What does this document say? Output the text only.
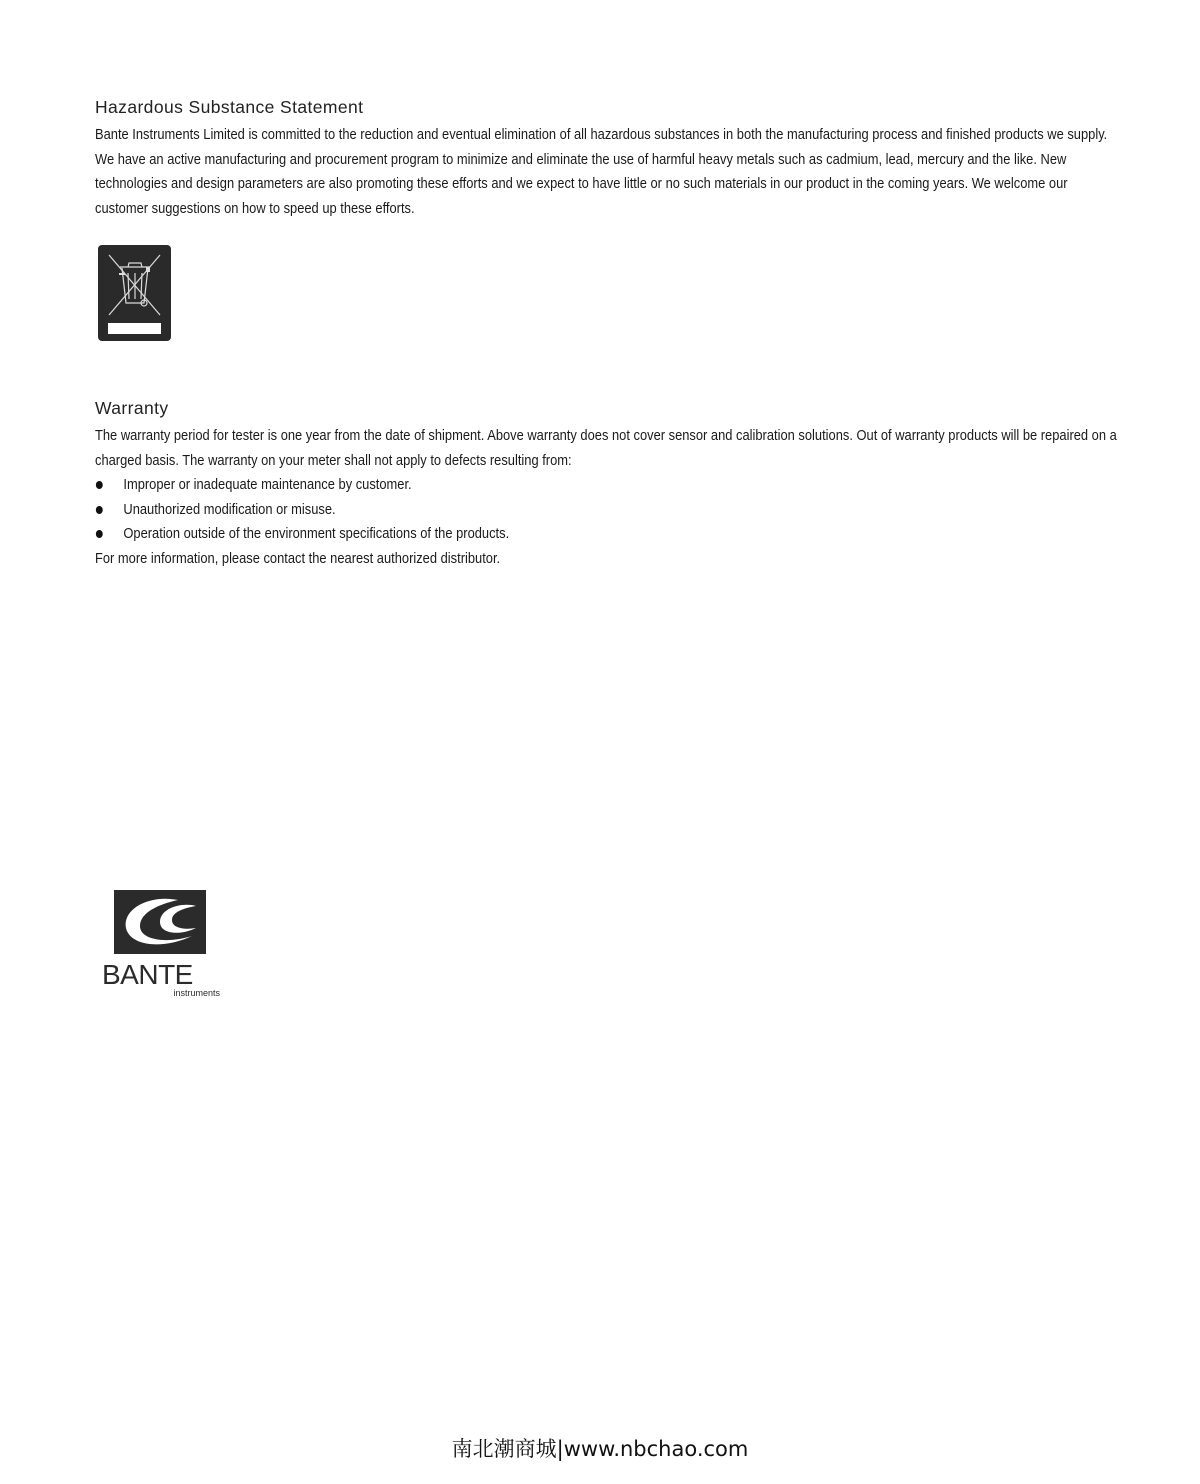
Hazardous Substance Statement

Bante Instruments Limited is committed to the reduction and eventual elimination of all hazardous substances in both the manufacturing process and finished products we supply. We have an active manufacturing and procurement program to minimize and eliminate the use of harmful heavy metals such as cadmium, lead, mercury and the like. New technologies and design parameters are also promoting these efforts and we expect to have little or no such materials in our product in the coming years. We welcome our customer suggestions on how to speed up these efforts.

Warranty

The warranty period for tester is one year from the date of shipment. Above warranty does not cover sensor and calibration solutions. Out of warranty products will be repaired on a charged basis. The warranty on your meter shall not apply to defects resulting from:

Improper or inadequate maintenance by customer.
Unauthorized modification or misuse.
Operation outside of the environment specifications of the products.

For more information, please contact the nearest authorized distributor.

BANTE
instruments
南北潮商城|www.nbchao.com
